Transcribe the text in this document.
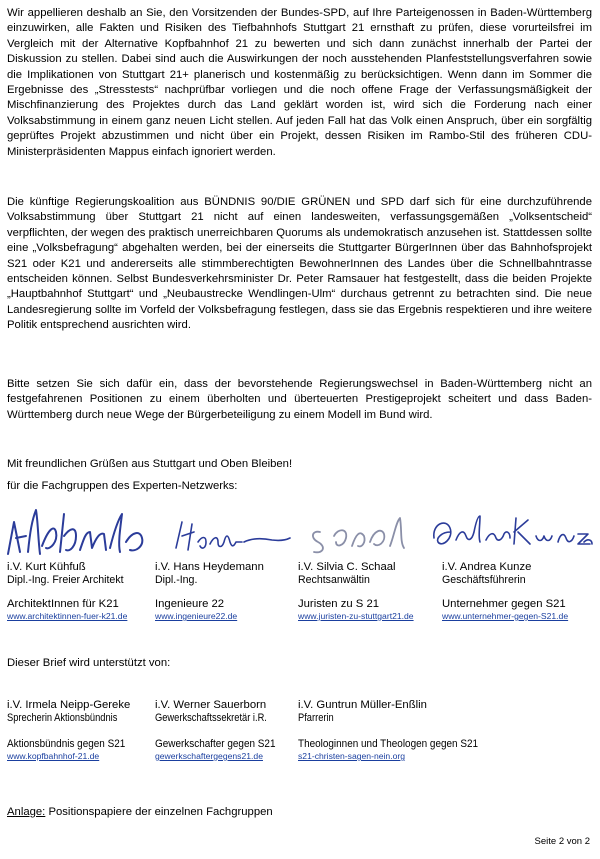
Wir appellieren deshalb an Sie, den Vorsitzenden der Bundes-SPD, auf Ihre Parteigenossen in Baden-Württemberg einzuwirken, alle Fakten und Risiken des Tiefbahnhofs Stuttgart 21 ernsthaft zu prüfen, diese vorurteilsfrei im Vergleich mit der Alternative Kopfbahnhof 21 zu bewerten und sich dann zunächst innerhalb der Partei der Diskussion zu stellen. Dabei sind auch die Auswirkungen der noch ausstehenden Planfeststellungsverfahren sowie die Implikationen von Stuttgart 21+ planerisch und kostenmäßig zu berücksichtigen. Wenn dann im Sommer die Ergebnisse des „Stresstests“ nachprüfbar vorliegen und die noch offene Frage der Verfassungsmäßigkeit der Mischfinanzierung des Projektes durch das Land geklärt worden ist, wird sich die Forderung nach einer Volksabstimmung in einem ganz neuen Licht stellen. Auf jeden Fall hat das Volk einen Anspruch, über ein sorgfältig geprüftes Projekt abzustimmen und nicht über ein Projekt, dessen Risiken im Rambo-Stil des früheren CDU-Ministerpräsidenten Mappus einfach ignoriert werden.

Die künftige Regierungskoalition aus BÜNDNIS 90/DIE GRÜNEN und SPD darf sich für eine durchzuführende Volksabstimmung über Stuttgart 21 nicht auf einen landesweiten, verfassungsgemäßen „Volksentscheid“ verpflichten, der wegen des praktisch unerreichbaren Quorums als undemokratisch anzusehen ist. Stattdessen sollte eine „Volksbefragung“ abgehalten werden, bei der einerseits die Stuttgarter BürgerInnen über das Bahnhofsprojekt S21 oder K21 und andererseits alle stimmberechtigten BewohnerInnen des Landes über die Schnellbahntrasse entscheiden können. Selbst Bundesverkehrsminister Dr. Peter Ramsauer hat festgestellt, dass die beiden Projekte „Hauptbahnhof Stuttgart“ und „Neubaustrecke Wendlingen-Ulm“ durchaus getrennt zu betrachten sind. Die neue Landesregierung sollte im Vorfeld der Volksbefragung festlegen, dass sie das Ergebnis respektieren und ihre weitere Politik entsprechend ausrichten wird.

Bitte setzen Sie sich dafür ein, dass der bevorstehende Regierungswechsel in Baden-Württemberg nicht an festgefahrenen Positionen zu einem überholten und überteuerten Prestigeprojekt scheitert und dass Baden-Württemberg durch neue Wege der Bürgerbeteiligung zu einem Modell im Bund wird.

Mit freundlichen Grüßen aus Stuttgart und Oben Bleiben!

für die Fachgruppen des Experten-Netzwerks:

i.V. Kurt Kühfuß
Dipl.-Ing. Freier Architekt
ArchitektInnen für K21
www.architektinnen-fuer-k21.de
i.V. Hans Heydemann
Dipl.-Ing.
Ingenieure 22
www.ingenieure22.de
i.V. Silvia C. Schaal
Rechtsanwältin
Juristen zu S 21
www.juristen-zu-stuttgart21.de
i.V. Andrea Kunze
Geschäftsführerin
Unternehmer gegen S21
www.unternehmer-gegen-S21.de

Dieser Brief wird unterstützt von:

i.V. Irmela Neipp-Gereke
Sprecherin Aktionsbündnis
Aktionsbündnis gegen S21
www.kopfbahnhof-21.de
i.V. Werner Sauerborn
Gewerkschaftssekretär i.R.
Gewerkschafter gegen S21
gewerkschaftergegens21.de
i.V. Guntrun Müller-Enßlin
Pfarrerin
Theologinnen und Theologen gegen S21
s21-christen-sagen-nein.org
Anlage: Positionspapiere der einzelnen Fachgruppen
Seite 2 von 2
